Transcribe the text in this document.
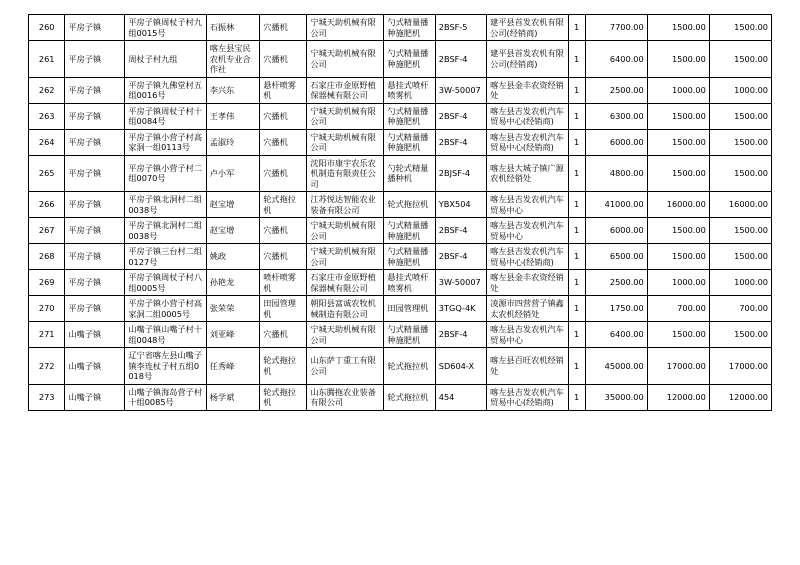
260	平房子镇	平房子镇周杖子村九组0015号	石振林	穴播机	宁城天助机械有限公司	勺式精量播种施肥机	2BSF-5	建平县首发农机有限公司(经销商)	1	7700.00	1500.00	1500.00
261	平房子镇	周杖子村九组	喀左县宝民农机专业合作社	穴播机	宁城天助机械有限公司	勺式精量播种施肥机	2BSF-4	建平县首发农机有限公司(经销商)	1	6400.00	1500.00	1500.00
262	平房子镇	平房子镇九佛堂村五组0016号	李兴东	悬杆喷雾机	石家庄市金原野植保器械有限公司	悬挂式喷杆喷雾机	3W-50007	喀左县金丰农资经销处	1	2500.00	1000.00	1000.00
263	平房子镇	平房子镇周杖子村十组0084号	王孝伟	穴播机	宁城天助机械有限公司	勺式精量播种施肥机	2BSF-4	喀左县吉发农机汽车贸易中心(经销商)	1	6300.00	1500.00	1500.00
264	平房子镇	平房子镇小营子村高家洞一组0113号	孟淑玲	穴播机	宁城天助机械有限公司	勺式精量播种施肥机	2BSF-4	喀左县吉发农机汽车贸易中心(经销商)	1	6000.00	1500.00	1500.00
265	平房子镇	平房子镇小营子村二组0070号	卢小军	穴播机	沈阳市康宇农乐农机制造有限责任公司	勺轮式精量播种机	2BJSF-4	喀左县大城子镇广源农机经销处	1	4800.00	1500.00	1500.00
266	平房子镇	平房子镇北洞村二组0038号	赵宝增	轮式拖拉机	江苏悦达智能农业装备有限公司	轮式拖拉机	YBX504	喀左县吉发农机汽车贸易中心	1	41000.00	16000.00	16000.00
267	平房子镇	平房子镇北洞村二组0038号	赵宝增	穴播机	宁城天助机械有限公司	勺式精量播种施肥机	2BSF-4	喀左县吉发农机汽车贸易中心	1	6000.00	1500.00	1500.00
268	平房子镇	平房子镇三台村二组0127号	姚政	穴播机	宁城天助机械有限公司	勺式精量播种施肥机	2BSF-4	喀左县吉发农机汽车贸易中心(经销商)	1	6500.00	1500.00	1500.00
269	平房子镇	平房子镇周杖子村八组0005号	孙艳龙	喷杆喷雾机	石家庄市金原野植保器械有限公司	悬挂式喷杆喷雾机	3W-50007	喀左县金丰农资经销处	1	2500.00	1000.00	1000.00
270	平房子镇	平房子镇小营子村高家洞二组0005号	张荣荣	田园管理机	朝阳县富诚农牧机械制造有限公司	田园管理机	3TGQ-4K	凌源市四营营子镇鑫太农机经销处	1	1750.00	700.00	700.00
271	山嘴子镇	山嘴子镇山嘴子村十组0048号	刘亚峰	穴播机	宁城天助机械有限公司	勺式精量播种施肥机	2BSF-4	喀左县吉发农机汽车贸易中心	1	6400.00	1500.00	1500.00
272	山嘴子镇	辽宁省喀左县山嘴子镇李连杖子村五组0018号	任秀峰	轮式拖拉机	山东萨丁重工有限公司	轮式拖拉机	SD604-X	喀左县百旺农机经销处	1	45000.00	17000.00	17000.00
273	山嘴子镇	山嘴子镇海岛营子村十组0085号	杨学斌	轮式拖拉机	山东腾拖农业装备有限公司	轮式拖拉机	454	喀左县吉发农机汽车贸易中心(经销商)	1	35000.00	12000.00	12000.00
